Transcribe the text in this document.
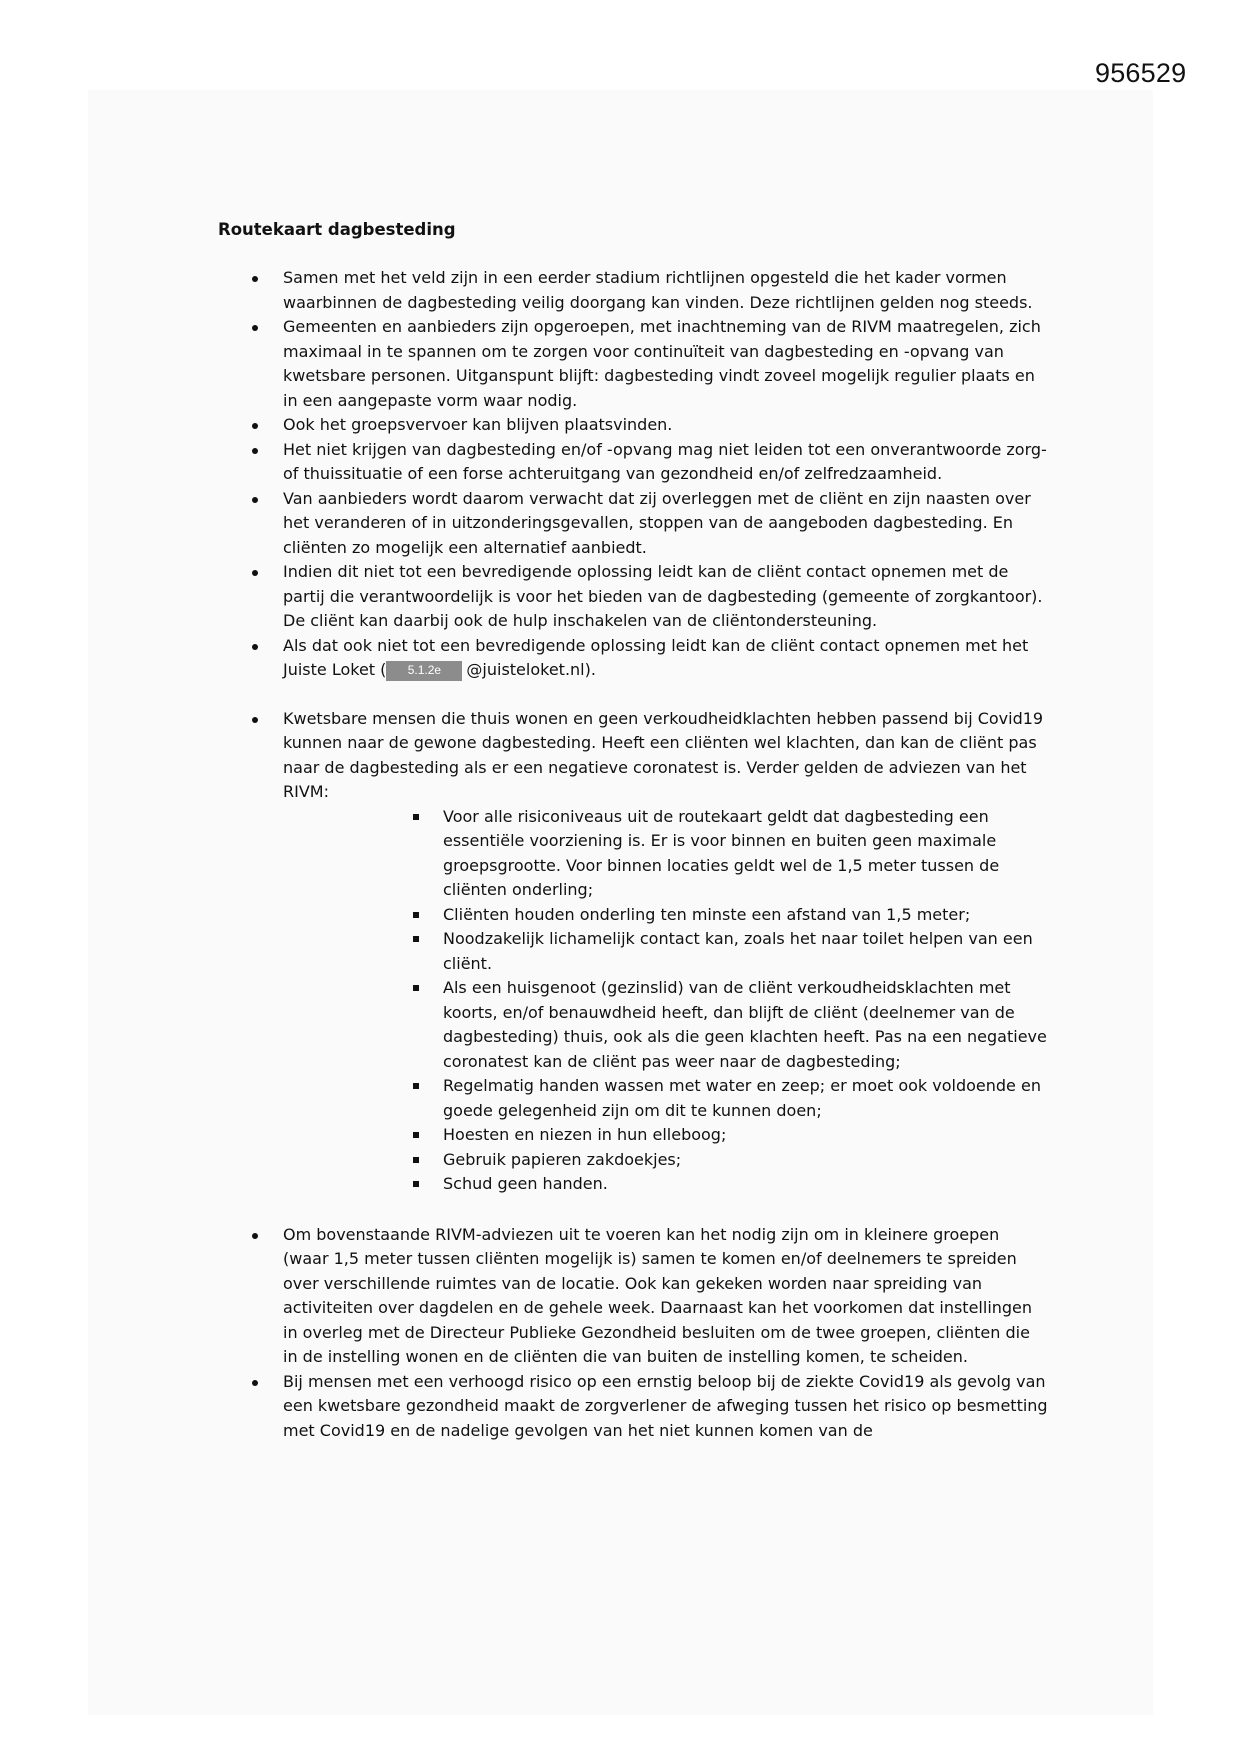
956529
Routekaart dagbesteding
Samen met het veld zijn in een eerder stadium richtlijnen opgesteld die het kader vormen waarbinnen de dagbesteding veilig doorgang kan vinden. Deze richtlijnen gelden nog steeds.
Gemeenten en aanbieders zijn opgeroepen, met inachtneming van de RIVM maatregelen, zich maximaal in te spannen om te zorgen voor continuïteit van dagbesteding en -opvang van kwetsbare personen. Uitganspunt blijft: dagbesteding vindt zoveel mogelijk regulier plaats en in een aangepaste vorm waar nodig.
Ook het groepsvervoer kan blijven plaatsvinden.
Het niet krijgen van dagbesteding en/of -opvang mag niet leiden tot een onverantwoorde zorg- of thuissituatie of een forse achteruitgang van gezondheid en/of zelfredzaamheid.
Van aanbieders wordt daarom verwacht dat zij overleggen met de cliënt en zijn naasten over het veranderen of in uitzonderingsgevallen, stoppen van de aangeboden dagbesteding. En cliënten zo mogelijk een alternatief aanbiedt.
Indien dit niet tot een bevredigende oplossing leidt kan de cliënt contact opnemen met de partij die verantwoordelijk is voor het bieden van de dagbesteding (gemeente of zorgkantoor). De cliënt kan daarbij ook de hulp inschakelen van de cliëntondersteuning.
Als dat ook niet tot een bevredigende oplossing leidt kan de cliënt contact opnemen met het Juiste Loket ( 5.1.2e @juisteloket.nl).
Kwetsbare mensen die thuis wonen en geen verkoudheidklachten hebben passend bij Covid19 kunnen naar de gewone dagbesteding. Heeft een cliënten wel klachten, dan kan de cliënt pas naar de dagbesteding als er een negatieve coronatest is. Verder gelden de adviezen van het RIVM:
Voor alle risiconiveaus uit de routekaart geldt dat dagbesteding een essentiële voorziening is. Er is voor binnen en buiten geen maximale groepsgrootte. Voor binnen locaties geldt wel de 1,5 meter tussen de cliënten onderling;
Cliënten houden onderling ten minste een afstand van 1,5 meter;
Noodzakelijk lichamelijk contact kan, zoals het naar toilet helpen van een cliënt.
Als een huisgenoot (gezinslid) van de cliënt verkoudheidsklachten met koorts, en/of benauwdheid heeft, dan blijft de cliënt (deelnemer van de dagbesteding) thuis, ook als die geen klachten heeft. Pas na een negatieve coronatest kan de cliënt pas weer naar de dagbesteding;
Regelmatig handen wassen met water en zeep; er moet ook voldoende en goede gelegenheid zijn om dit te kunnen doen;
Hoesten en niezen in hun elleboog;
Gebruik papieren zakdoekjes;
Schud geen handen.
Om bovenstaande RIVM-adviezen uit te voeren kan het nodig zijn om in kleinere groepen (waar 1,5 meter tussen cliënten mogelijk is) samen te komen en/of deelnemers te spreiden over verschillende ruimtes van de locatie. Ook kan gekeken worden naar spreiding van activiteiten over dagdelen en de gehele week. Daarnaast kan het voorkomen dat instellingen in overleg met de Directeur Publieke Gezondheid besluiten om de twee groepen, cliënten die in de instelling wonen en de cliënten die van buiten de instelling komen, te scheiden.
Bij mensen met een verhoogd risico op een ernstig beloop bij de ziekte Covid19 als gevolg van een kwetsbare gezondheid maakt de zorgverlener de afweging tussen het risico op besmetting met Covid19 en de nadelige gevolgen van het niet kunnen komen van de
